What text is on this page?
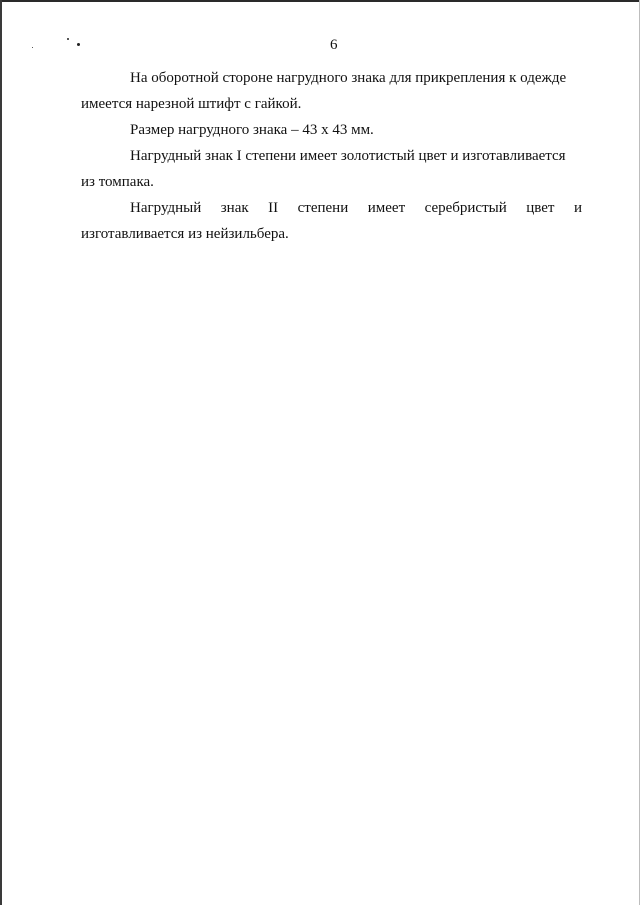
6
На оборотной стороне нагрудного знака для прикрепления к одежде
имеется нарезной штифт с гайкой.
Размер нагрудного знака – 43 х 43 мм.
Нагрудный знак I степени имеет золотистый цвет и изготавливается
из томпака.
Нагрудный знак II степени имеет серебристый цвет и
изготавливается из нейзильбера.
